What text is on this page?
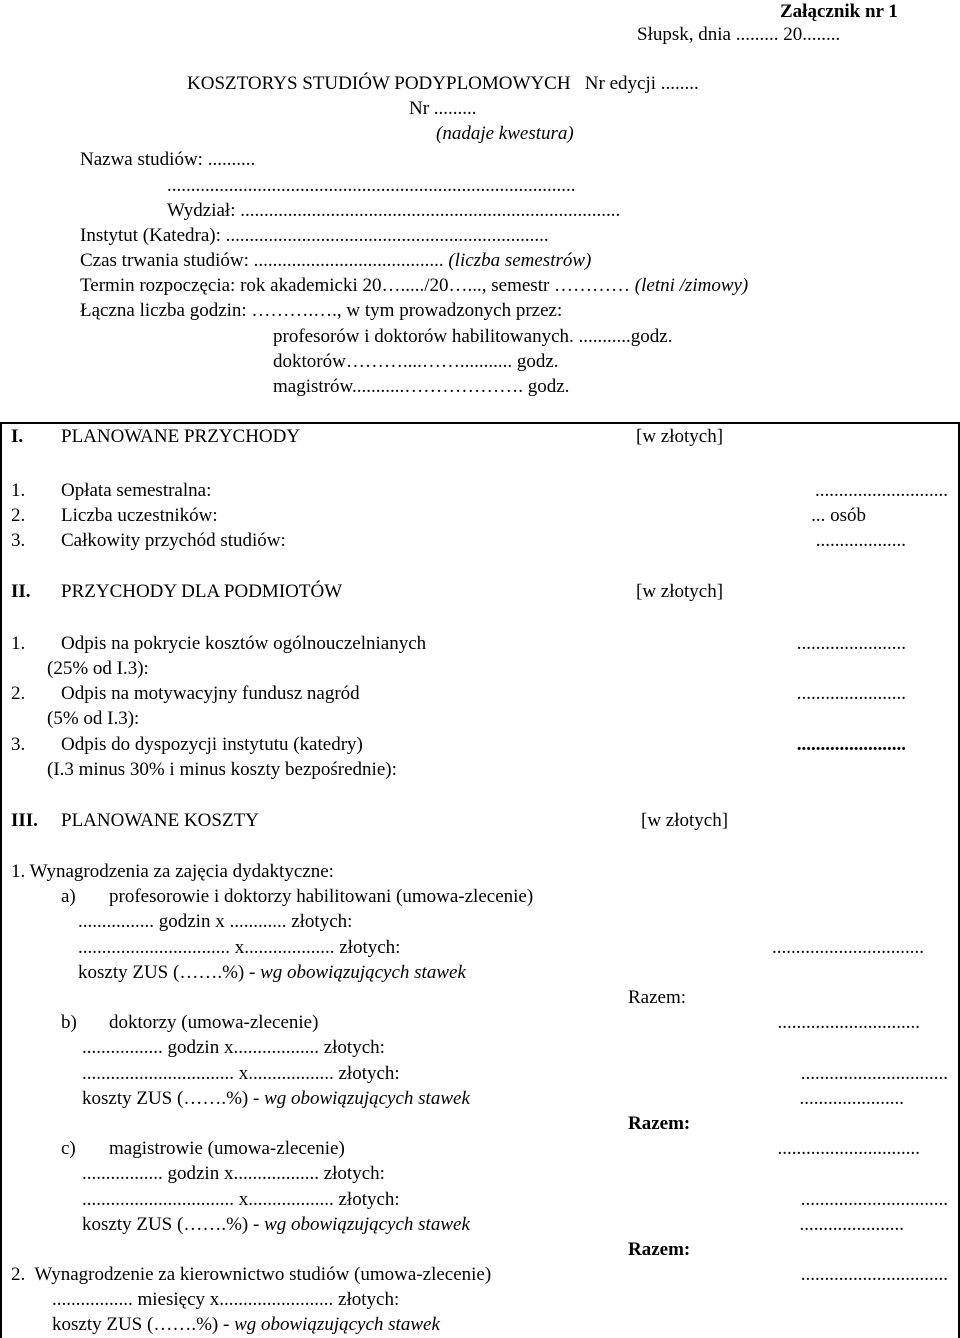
Załącznik nr 1
Słupsk, dnia ......... 20........
KOSZTORYS STUDIÓW PODYPLOMOWYCH   Nr edycji ........
Nr .........
(nadaje kwestura)
Nazwa studiów: ..........
......................................................................................
Wydział: ................................................................................
Instytut (Katedra): ....................................................................
Czas trwania studiów: ........................................ (liczba semestrów)
Termin rozpoczęcia: rok akademicki 20…...../20…..., semestr ………… (letni /zimowy)
Łączna liczba godzin: ……….…., w tym prowadzonych przez:
profesorów i doktorów habilitowanych. ...........godz.
doktorów………....……........... godz.
magistrów...........………………. godz.
I. PLANOWANE PRZYCHODY	[w złotych]
1. Opłata semestralna:	............................
2. Liczba uczestników:	... osób
3. Całkowity przychód studiów:	...................
II. PRZYCHODY DLA PODMIOTÓW	[w złotych]
1. Odpis na pokrycie kosztów ogólnouczelnianych	.......................
(25% od I.3):
2. Odpis na motywacyjny fundusz nagród	.......................
(5% od I.3):
3. Odpis do dyspozycji instytutu (katedry)	.......................
(I.3 minus 30% i minus koszty bezpośrednie):
III. PLANOWANE KOSZTY	[w złotych]
1. Wynagrodzenia za zajęcia dydaktyczne:
a) profesorowie i doktorzy habilitowani (umowa-zlecenie)
................ godzin x ............ złotych:
................................ x................... złotych:	................................
koszty ZUS (…….%) - wg obowiązujących stawek
Razem:
b) doktorzy (umowa-zlecenie)	..............................
................. godzin x.................. złotych:
................................ x.................. złotych:	...............................
koszty ZUS (…….%) - wg obowiązujących stawek	......................
Razem:
c) magistrowie (umowa-zlecenie)	..............................
................. godzin x.................. złotych:
................................ x.................. złotych:	...............................
koszty ZUS (…….%) - wg obowiązujących stawek	......................
Razem:
2.  Wynagrodzenie za kierownictwo studiów (umowa-zlecenie)	...............................
................. miesięcy x........................ złotych:
koszty ZUS (…….%) - wg obowiązujących stawek
